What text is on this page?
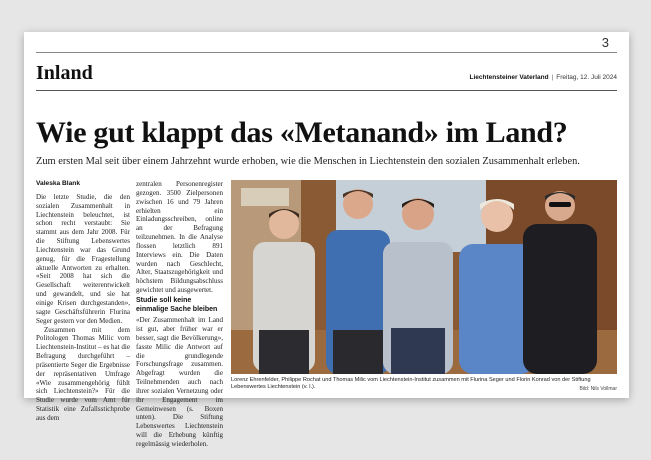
3
Inland	Liechtensteiner Vaterland | Freitag, 12. Juli 2024
Wie gut klappt das «Metanand» im Land?
Zum ersten Mal seit über einem Jahrzehnt wurde erhoben, wie die Menschen in Liechtenstein den sozialen Zusammenhalt erleben.
Valeska Blank

Die letzte Studie, die den sozialen Zusammenhalt in Liechtenstein beleuchtet, ist schon recht verstaubt: Sie stammt aus dem Jahr 2008. Für die Stiftung Lebenswertes Liechtenstein war das Grund genug, für die Fragestellung aktuelle Antworten zu erhalten. «Seit 2008 hat sich die Gesellschaft weiterentwickelt und gewandelt, und sie hat einige Krisen durchgestanden», sagte Geschäftsführerin Flurina Seger gestern vor den Medien.

Zusammen mit dem Politologen Thomas Milic vom Liechtenstein-Institut – es hat die Befragung durchgeführt – präsentierte Seger die Ergebnisse der repräsentativen Umfrage «Wie zusammengehörig fühlt sich Liechtenstein?» Für die Studie wurde vom Amt für Statistik eine Zufallsstichprobe aus dem

zentralen Personenregister gezogen. 3500 Zielpersonen zwischen 16 und 79 Jahren erhielten ein Einladungsschreiben, online an der Befragung teilzunehmen. In die Analyse flossen letztlich 891 Interviews ein. Die Daten wurden nach Geschlecht, Alter, Staatszugehörigkeit und höchstem Bildungsabschluss gewichtet und ausgewertet.

Studie soll keine einmalige Sache bleiben

«Der Zusammenhalt im Land ist gut, aber früher war er besser, sagt die Bevölkerung», fasste Milic die Antwort auf die grundlegende Forschungsfrage zusammen. Abgefragt wurden die Teilnehmenden auch nach ihrer sozialen Vernetzung oder ihr Engagement im Gemeinwesen (s. Boxen unten). Die Stiftung Lebenswertes Liechtenstein will die Erhebung künftig regelmässig wiederholen.

Lorenz Ehrenfelder, Philippe Rochat und Thomas Milic vom Liechtenstein-Institut zusammen mit Flurina Seger und Florin Konrad von der Stiftung Lebenswertes Liechtenstein (v. l.).	Bild: Nils Vollmar
